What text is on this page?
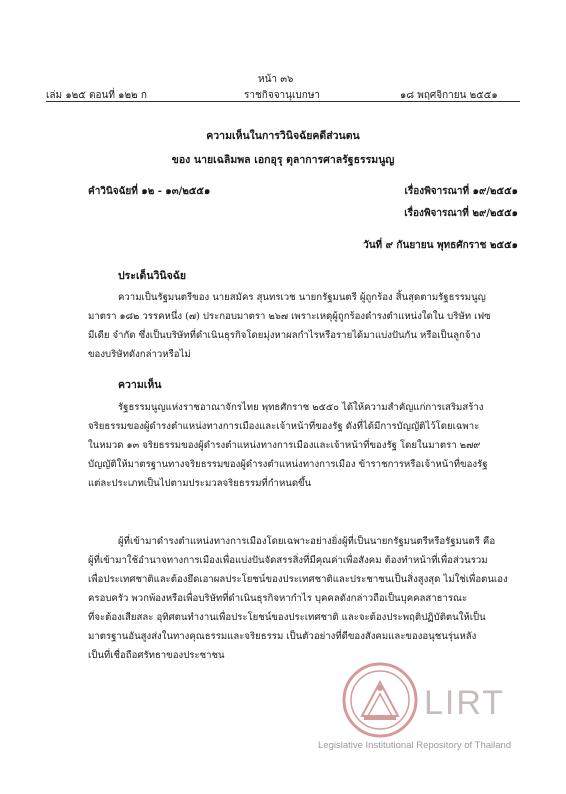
หน้า ๓๖
เล่ม ๑๒๕ ตอนที่ ๑๒๒ ก	ราชกิจจานุเบกษา	๑๘ พฤศจิกายน ๒๕๕๑
ความเห็นในการวินิจฉัยคดีส่วนตน
ของ นายเฉลิมพล เอกอุรุ ตุลาการศาลรัฐธรรมนูญ
คำวินิจฉัยที่ ๑๒ - ๑๓/๒๕๕๑	เรื่องพิจารณาที่ ๑๙/๒๕๕๑
เรื่องพิจารณาที่ ๒๙/๒๕๕๑
วันที่ ๙ กันยายน พุทธศักราช ๒๕๕๑
ประเด็นวินิจฉัย
ความเป็นรัฐมนตรีของ นายสมัคร สุนทรเวช นายกรัฐมนตรี ผู้ถูกร้อง สิ้นสุดตามรัฐธรรมนูญ
มาตรา ๑๘๒ วรรคหนึ่ง (๗) ประกอบมาตรา ๒๖๗ เพราะเหตุผู้ถูกร้องดำรงตำแหน่งใดใน บริษัท เฟซ
มีเดีย จำกัด ซึ่งเป็นบริษัทที่ดำเนินธุรกิจโดยมุ่งหาผลกำไรหรือรายได้มาแบ่งปันกัน หรือเป็นลูกจ้าง
ของบริษัทดังกล่าวหรือไม่
ความเห็น
รัฐธรรมนูญแห่งราชอาณาจักรไทย พุทธศักราช ๒๕๕๐ ได้ให้ความสำคัญแก่การเสริมสร้าง
จริยธรรมของผู้ดำรงตำแหน่งทางการเมืองและเจ้าหน้าที่ของรัฐ ดังที่ได้มีการบัญญัติไว้โดยเฉพาะ
ในหมวด ๑๓ จริยธรรมของผู้ดำรงตำแหน่งทางการเมืองและเจ้าหน้าที่ของรัฐ โดยในมาตรา ๒๗๙
บัญญัติให้มาตรฐานทางจริยธรรมของผู้ดำรงตำแหน่งทางการเมือง ข้าราชการหรือเจ้าหน้าที่ของรัฐ
แต่ละประเภทเป็นไปตามประมวลจริยธรรมที่กำหนดขึ้น
ผู้ที่เข้ามาดำรงตำแหน่งทางการเมืองโดยเฉพาะอย่างยิ่งผู้ที่เป็นนายกรัฐมนตรีหรือรัฐมนตรี คือ
ผู้ที่เข้ามาใช้อำนาจทางการเมืองเพื่อแบ่งปันจัดสรรสิ่งที่มีคุณค่าเพื่อสังคม ต้องทำหน้าที่เพื่อส่วนรวม
เพื่อประเทศชาติและต้องยึดเอาผลประโยชน์ของประเทศชาติและประชาชนเป็นสิ่งสูงสุด ไม่ใช่เพื่อตนเอง
ครอบครัว พวกพ้องหรือเพื่อบริษัทที่ดำเนินธุรกิจหากำไร บุคคลดังกล่าวถือเป็นบุคคลสาธารณะ
ที่จะต้องเสียสละ อุทิศตนทำงานเพื่อประโยชน์ของประเทศชาติ และจะต้องประพฤติปฏิบัติตนให้เป็น
มาตรฐานอันสูงส่งในทางคุณธรรมและจริยธรรม เป็นตัวอย่างที่ดีของสังคมและของอนุชนรุ่นหลัง
เป็นที่เชื่อถือศรัทธาของประชาชน
LIRT
Legislative Institutional Repository of Thailand
